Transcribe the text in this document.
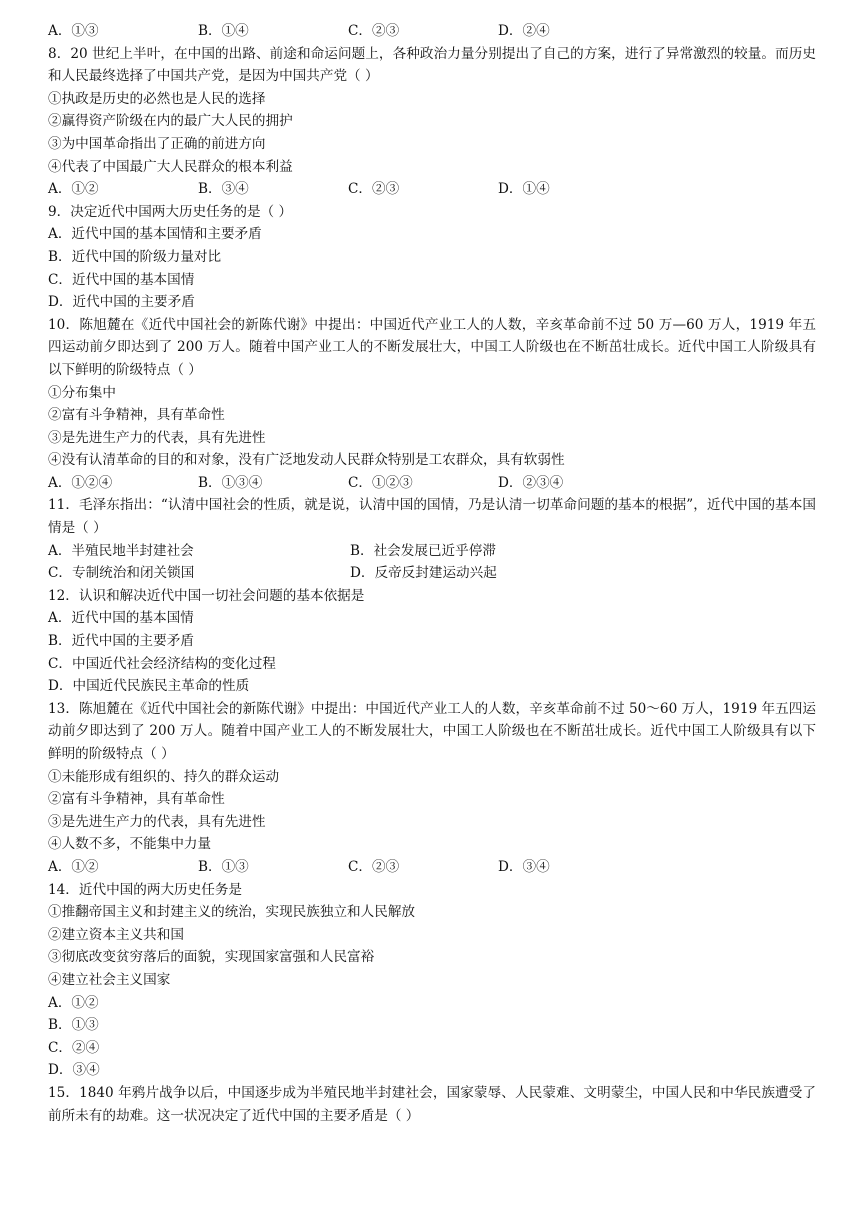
A．①③	B．①④	C．②③	D．②④
8．20 世纪上半叶，在中国的出路、前途和命运问题上，各种政治力量分别提出了自己的方案，进行了异常激烈的较量。而历史和人民最终选择了中国共产党，是因为中国共产党（ ）
①执政是历史的必然也是人民的选择
②赢得资产阶级在内的最广大人民的拥护
③为中国革命指出了正确的前进方向
④代表了中国最广大人民群众的根本利益
A．①②	B．③④	C．②③	D．①④
9．决定近代中国两大历史任务的是（ ）
A．近代中国的基本国情和主要矛盾
B．近代中国的阶级力量对比
C．近代中国的基本国情
D．近代中国的主要矛盾
10．陈旭麓在《近代中国社会的新陈代谢》中提出：中国近代产业工人的人数，辛亥革命前不过 50 万—60 万人，1919 年五四运动前夕即达到了 200 万人。随着中国产业工人的不断发展壮大，中国工人阶级也在不断茁壮成长。近代中国工人阶级具有以下鲜明的阶级特点（ ）
①分布集中
②富有斗争精神，具有革命性
③是先进生产力的代表，具有先进性
④没有认清革命的目的和对象，没有广泛地发动人民群众特别是工农群众，具有软弱性
A．①②④	B．①③④	C．①②③	D．②③④
11．毛泽东指出：“认清中国社会的性质，就是说，认清中国的国情，乃是认清一切革命问题的基本的根据”，近代中国的基本国情是（ ）
A．半殖民地半封建社会	B．社会发展已近乎停滞
C．专制统治和闭关锁国	D．反帝反封建运动兴起
12．认识和解决近代中国一切社会问题的基本依据是
A．近代中国的基本国情
B．近代中国的主要矛盾
C．中国近代社会经济结构的变化过程
D．中国近代民族民主革命的性质
13．陈旭麓在《近代中国社会的新陈代谢》中提出：中国近代产业工人的人数，辛亥革命前不过 50～60 万人，1919 年五四运动前夕即达到了 200 万人。随着中国产业工人的不断发展壮大，中国工人阶级也在不断茁壮成长。近代中国工人阶级具有以下鲜明的阶级特点（ ）
①未能形成有组织的、持久的群众运动
②富有斗争精神，具有革命性
③是先进生产力的代表，具有先进性
④人数不多，不能集中力量
A．①②	B．①③	C．②③	D．③④
14．近代中国的两大历史任务是
①推翻帝国主义和封建主义的统治，实现民族独立和人民解放
②建立资本主义共和国
③彻底改变贫穷落后的面貌，实现国家富强和人民富裕
④建立社会主义国家
A．①②
B．①③
C．②④
D．③④
15．1840 年鸦片战争以后，中国逐步成为半殖民地半封建社会，国家蒙辱、人民蒙难、文明蒙尘，中国人民和中华民族遭受了前所未有的劫难。这一状况决定了近代中国的主要矛盾是（ ）
